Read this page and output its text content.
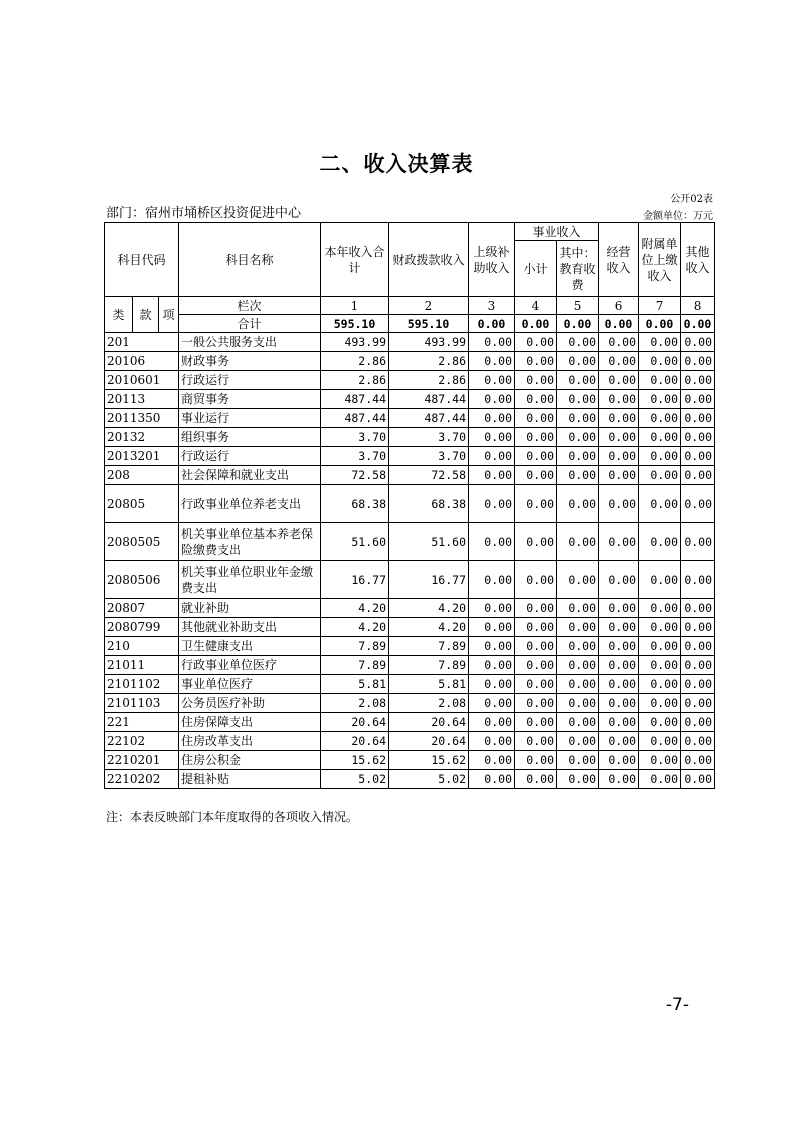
二、收入决算表
公开02表
部门：宿州市埇桥区投资促进中心	金额单位：万元
科目代码			科目名称	本年收入合计	财政拨款收入	上级补助收入	事业收入		经营收入	附属单位上缴收入	其他收入
							小计	其中：教育收费			

类	款	项	栏次	1	2	3	4	5	6	7	8
			合计	595.10	595.10	0.00	0.00	0.00	0.00	0.00	0.00
201			一般公共服务支出	493.99	493.99	0.00	0.00	0.00	0.00	0.00	0.00
20106			财政事务	2.86	2.86	0.00	0.00	0.00	0.00	0.00	0.00
2010601			行政运行	2.86	2.86	0.00	0.00	0.00	0.00	0.00	0.00
20113			商贸事务	487.44	487.44	0.00	0.00	0.00	0.00	0.00	0.00
2011350			事业运行	487.44	487.44	0.00	0.00	0.00	0.00	0.00	0.00
20132			组织事务	3.70	3.70	0.00	0.00	0.00	0.00	0.00	0.00
2013201			行政运行	3.70	3.70	0.00	0.00	0.00	0.00	0.00	0.00
208			社会保障和就业支出	72.58	72.58	0.00	0.00	0.00	0.00	0.00	0.00
20805			行政事业单位养老支出	68.38	68.38	0.00	0.00	0.00	0.00	0.00	0.00
2080505			机关事业单位基本养老保险缴费支出	51.60	51.60	0.00	0.00	0.00	0.00	0.00	0.00
2080506			机关事业单位职业年金缴费支出	16.77	16.77	0.00	0.00	0.00	0.00	0.00	0.00
20807			就业补助	4.20	4.20	0.00	0.00	0.00	0.00	0.00	0.00
2080799			其他就业补助支出	4.20	4.20	0.00	0.00	0.00	0.00	0.00	0.00
210			卫生健康支出	7.89	7.89	0.00	0.00	0.00	0.00	0.00	0.00
21011			行政事业单位医疗	7.89	7.89	0.00	0.00	0.00	0.00	0.00	0.00
2101102			事业单位医疗	5.81	5.81	0.00	0.00	0.00	0.00	0.00	0.00
2101103			公务员医疗补助	2.08	2.08	0.00	0.00	0.00	0.00	0.00	0.00
221			住房保障支出	20.64	20.64	0.00	0.00	0.00	0.00	0.00	0.00
22102			住房改革支出	20.64	20.64	0.00	0.00	0.00	0.00	0.00	0.00
2210201			住房公积金	15.62	15.62	0.00	0.00	0.00	0.00	0.00	0.00
2210202			提租补贴	5.02	5.02	0.00	0.00	0.00	0.00	0.00	0.00
注：本表反映部门本年度取得的各项收入情况。
-7-
